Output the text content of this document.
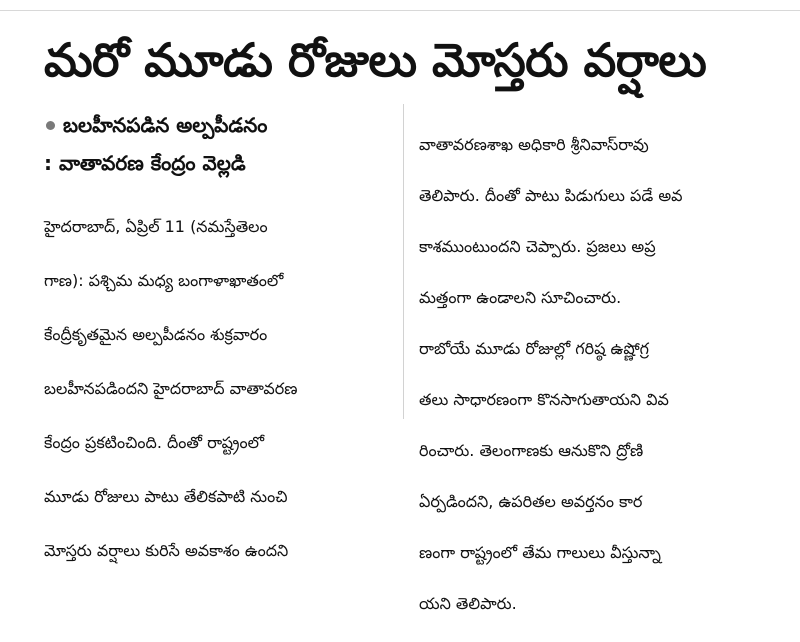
మరో మూడు రోజులు మోస్తరు వర్షాలు
బలహీనపడిన అల్పపీడనం
: వాతావరణ కేంద్రం వెల్లడి

హైదరాబాద్, ఏప్రిల్ 11 (నమస్తేతెలం

గాణ): పశ్చిమ మధ్య బంగాళాఖాతంలో

కేంద్రీకృతమైన అల్పపీడనం శుక్రవారం

బలహీనపడిందని హైదరాబాద్ వాతావరణ

కేంద్రం ప్రకటించింది. దీంతో రాష్ట్రంలో

మూడు రోజులు పాటు తేలికపాటి నుంచి

మోస్తరు వర్షాలు కురిసే అవకాశం ఉందని

వాతావరణశాఖ అధికారి శ్రీనివాస్‌రావు

తెలిపారు. దీంతో పాటు పిడుగులు పడే అవ

కాశముంటుందని చెప్పారు. ప్రజలు అప్ర

మత్తంగా ఉండాలని సూచించారు.

రాబోయే మూడు రోజుల్లో గరిష్ఠ ఉష్ణోగ్ర

తలు సాధారణంగా కొనసాగుతాయని వివ

రించారు. తెలంగాణకు ఆనుకొని ద్రోణి

ఏర్పడిందని, ఉపరితల అవర్తనం కార

ణంగా రాష్ట్రంలో తేమ గాలులు వీస్తున్నా

యని తెలిపారు.
